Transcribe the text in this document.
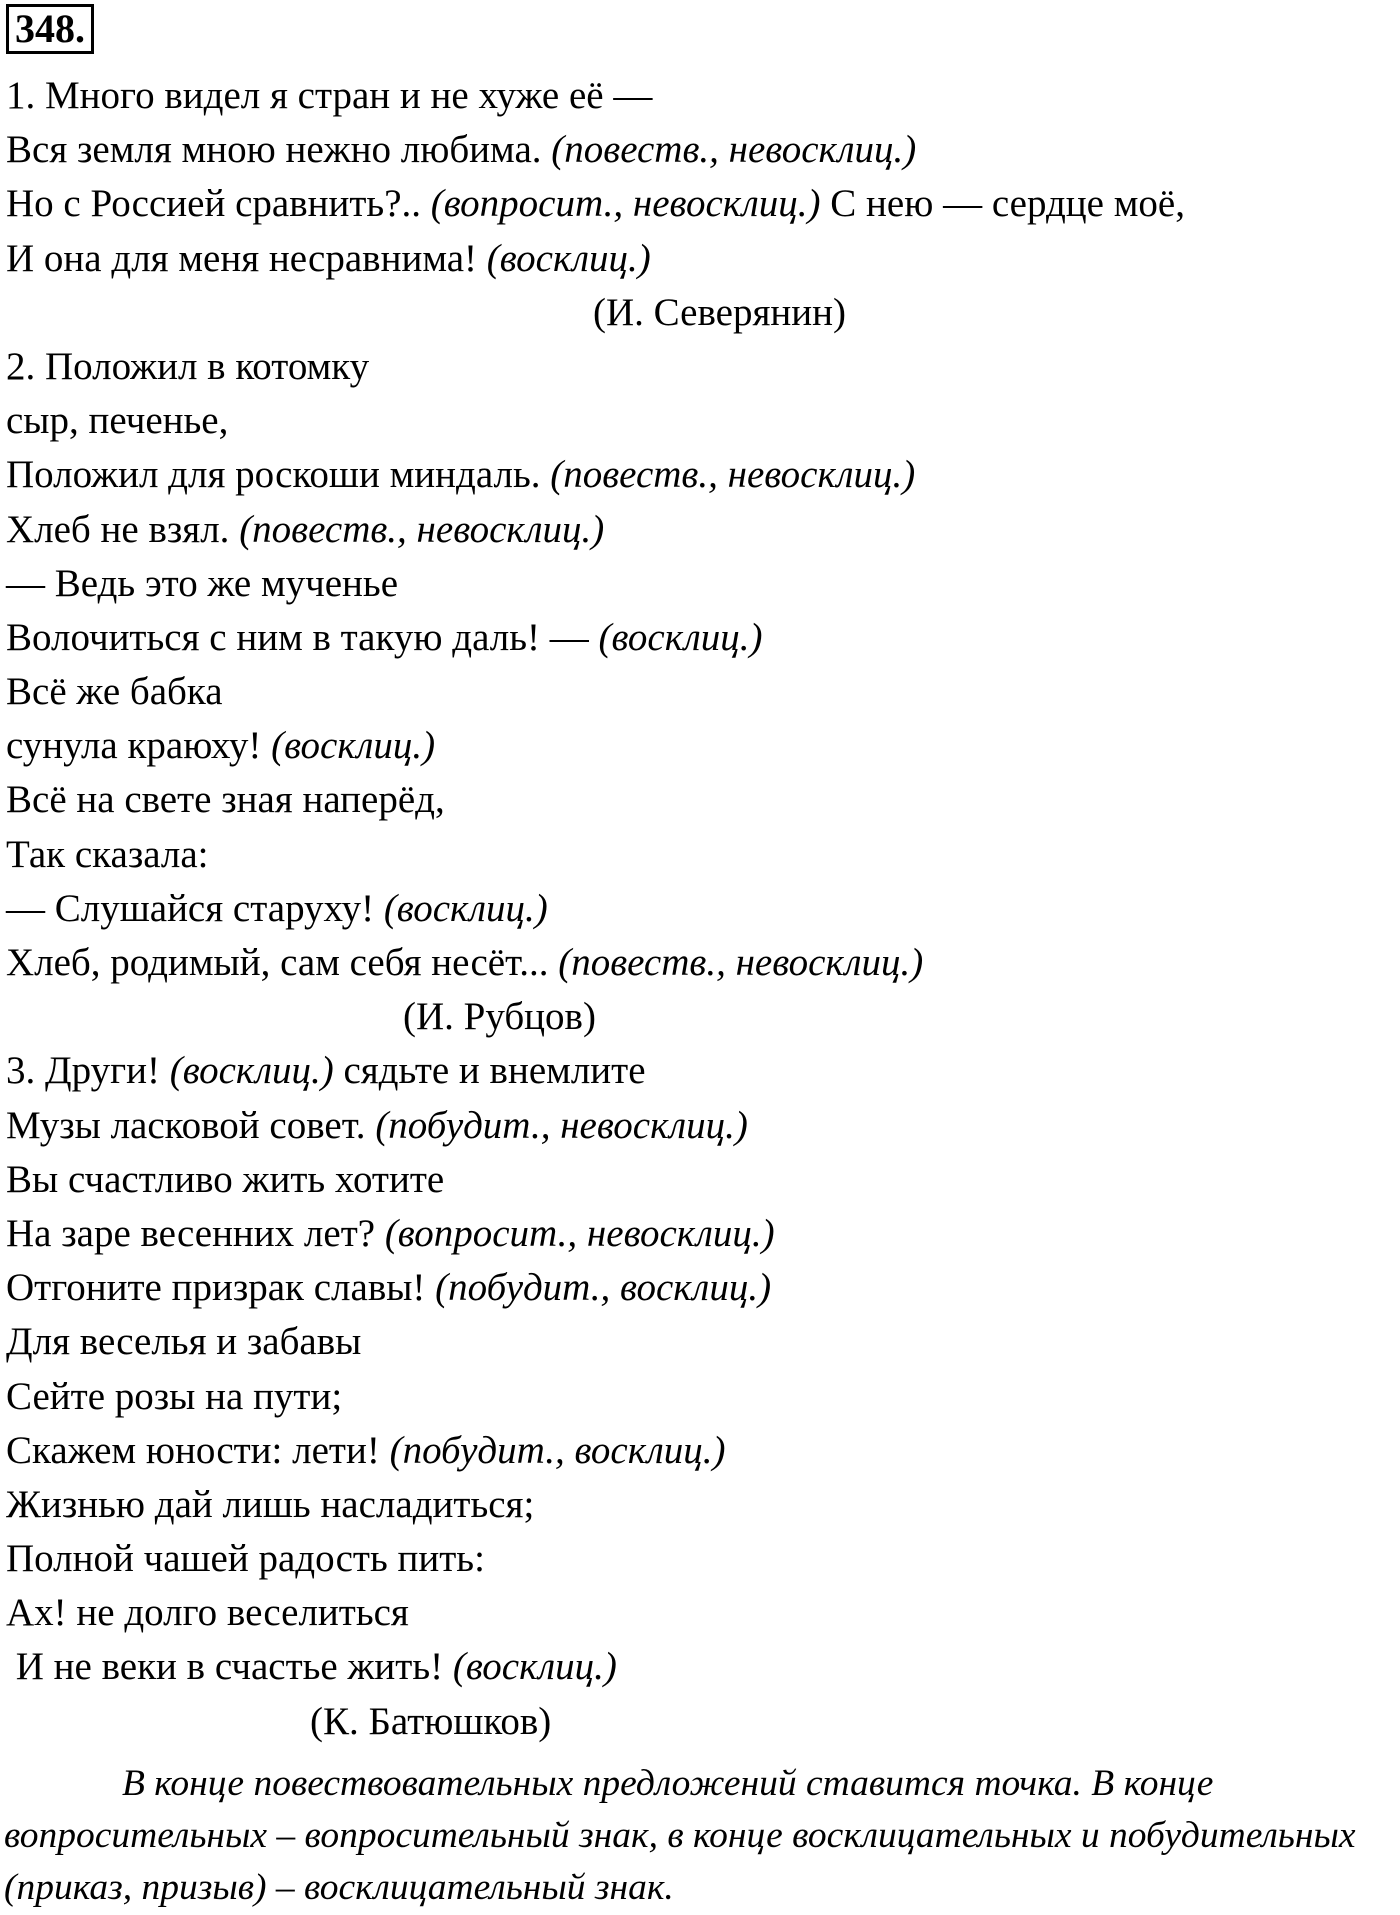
348.
1. Много видел я стран и не хуже её —
Вся земля мною нежно любима. (повеств., невосклиц.)
Но с Россией сравнить?.. (вопросит., невосклиц.) С нею — сердце моё,
И она для меня несравнима! (восклиц.)
(И. Северянин)
2. Положил в котомку
сыр, печенье,
Положил для роскоши миндаль. (повеств., невосклиц.)
Хлеб не взял. (повеств., невосклиц.)
— Ведь это же мученье
Волочиться с ним в такую даль! — (восклиц.)
Всё же бабка
сунула краюху! (восклиц.)
Всё на свете зная наперёд,
Так сказала:
— Слушайся старуху! (восклиц.)
Хлеб, родимый, сам себя несёт... (повеств., невосклиц.)
(И. Рубцов)
3. Други! (восклиц.) сядьте и внемлите
Музы ласковой совет. (побудит., невосклиц.)
Вы счастливо жить хотите
На заре весенних лет? (вопросит., невосклиц.)
Отгоните призрак славы! (побудит., восклиц.)
Для веселья и забавы
Сейте розы на пути;
Скажем юности: лети! (побудит., восклиц.)
Жизнью дай лишь насладиться;
Полной чашей радость пить:
Ах! не долго веселиться
И не веки в счастье жить! (восклиц.)
(К. Батюшков)
В конце повествовательных предложений ставится точка. В конце вопросительных – вопросительный знак, в конце восклицательных и побудительных (приказ, призыв) – восклицательный знак.
